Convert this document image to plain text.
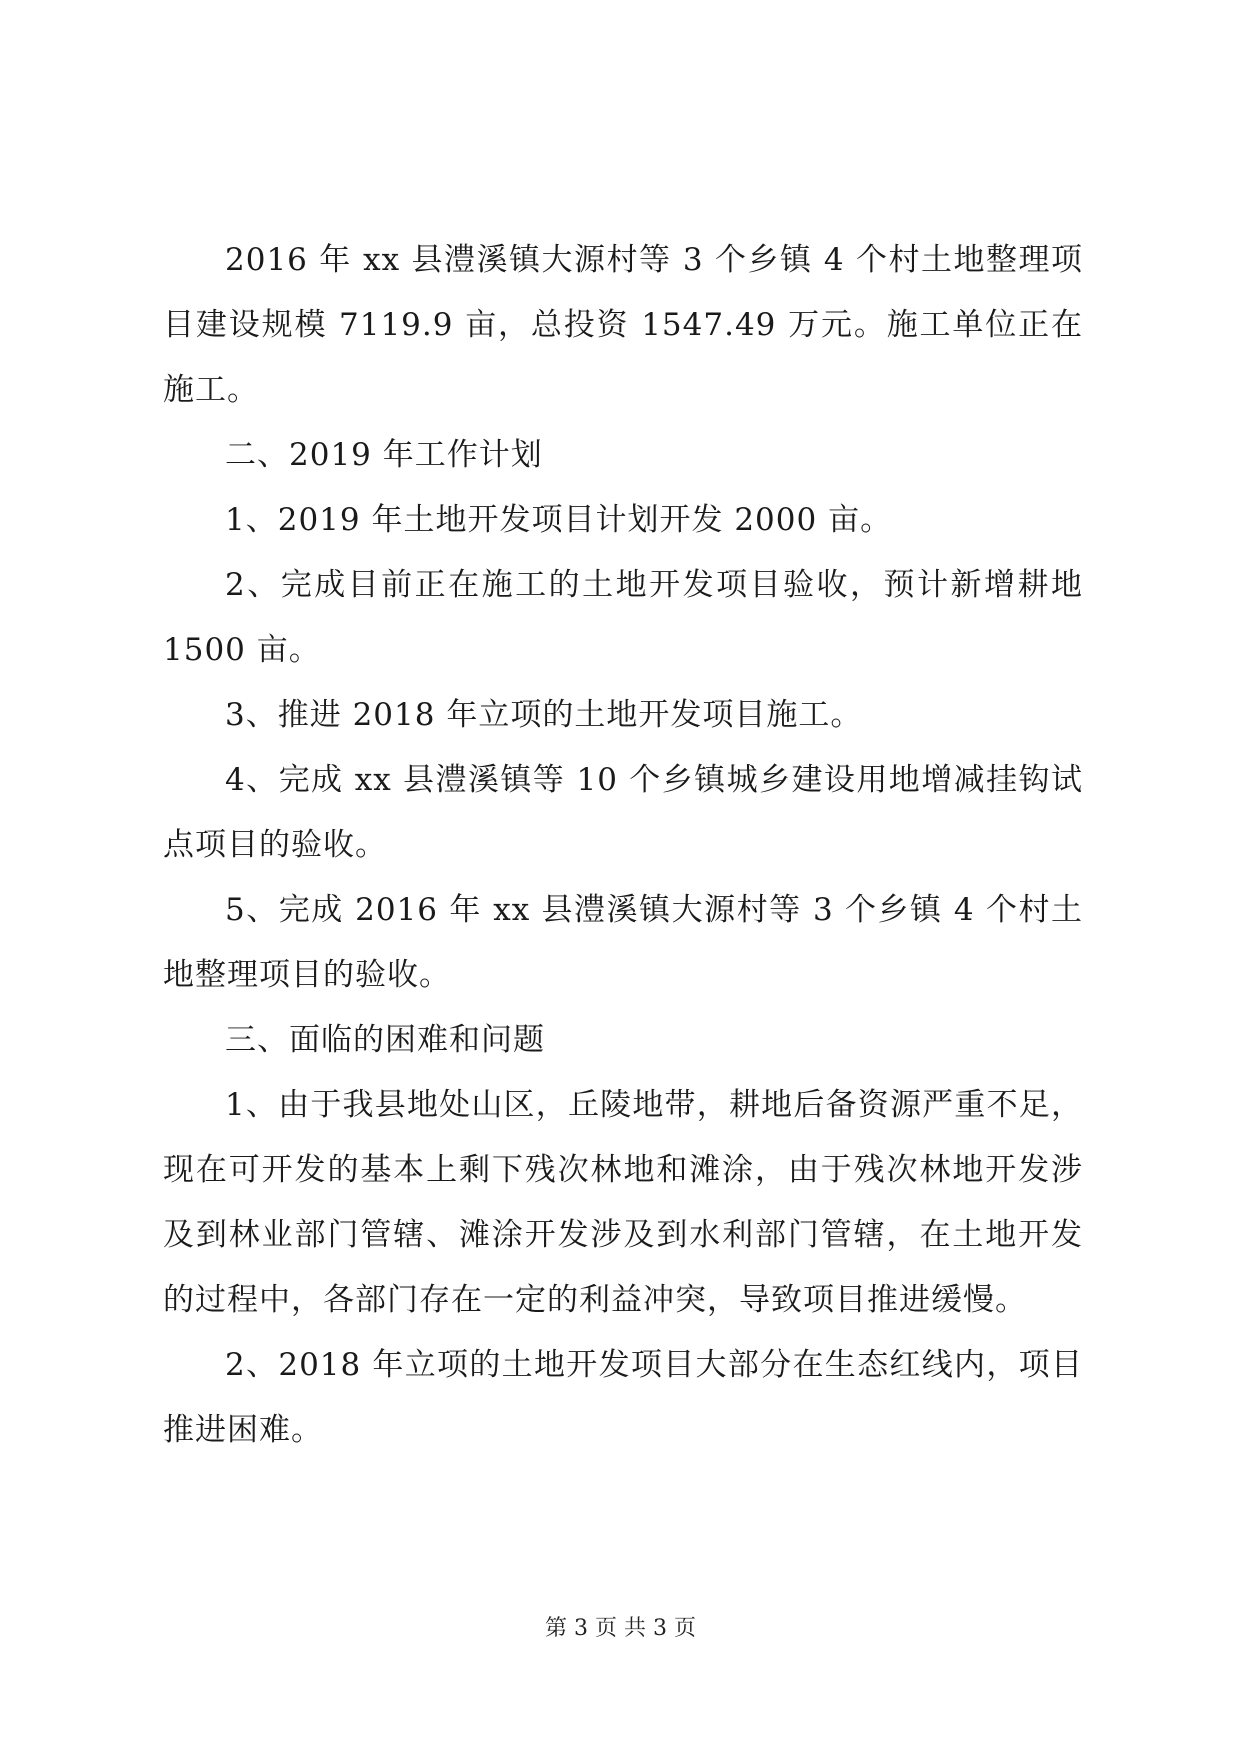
2016 年 xx 县澧溪镇大源村等 3 个乡镇 4 个村土地整理项目建设规模 7119.9 亩，总投资 1547.49 万元。施工单位正在施工。

二、2019 年工作计划

1、2019 年土地开发项目计划开发 2000 亩。

2、完成目前正在施工的土地开发项目验收，预计新增耕地 1500 亩。

3、推进 2018 年立项的土地开发项目施工。

4、完成 xx 县澧溪镇等 10 个乡镇城乡建设用地增减挂钩试点项目的验收。

5、完成 2016 年 xx 县澧溪镇大源村等 3 个乡镇 4 个村土地整理项目的验收。

三、面临的困难和问题

1、由于我县地处山区，丘陵地带，耕地后备资源严重不足，现在可开发的基本上剩下残次林地和滩涂，由于残次林地开发涉及到林业部门管辖、滩涂开发涉及到水利部门管辖，在土地开发的过程中，各部门存在一定的利益冲突，导致项目推进缓慢。

2、2018 年立项的土地开发项目大部分在生态红线内，项目推进困难。

第 3 页 共 3 页
